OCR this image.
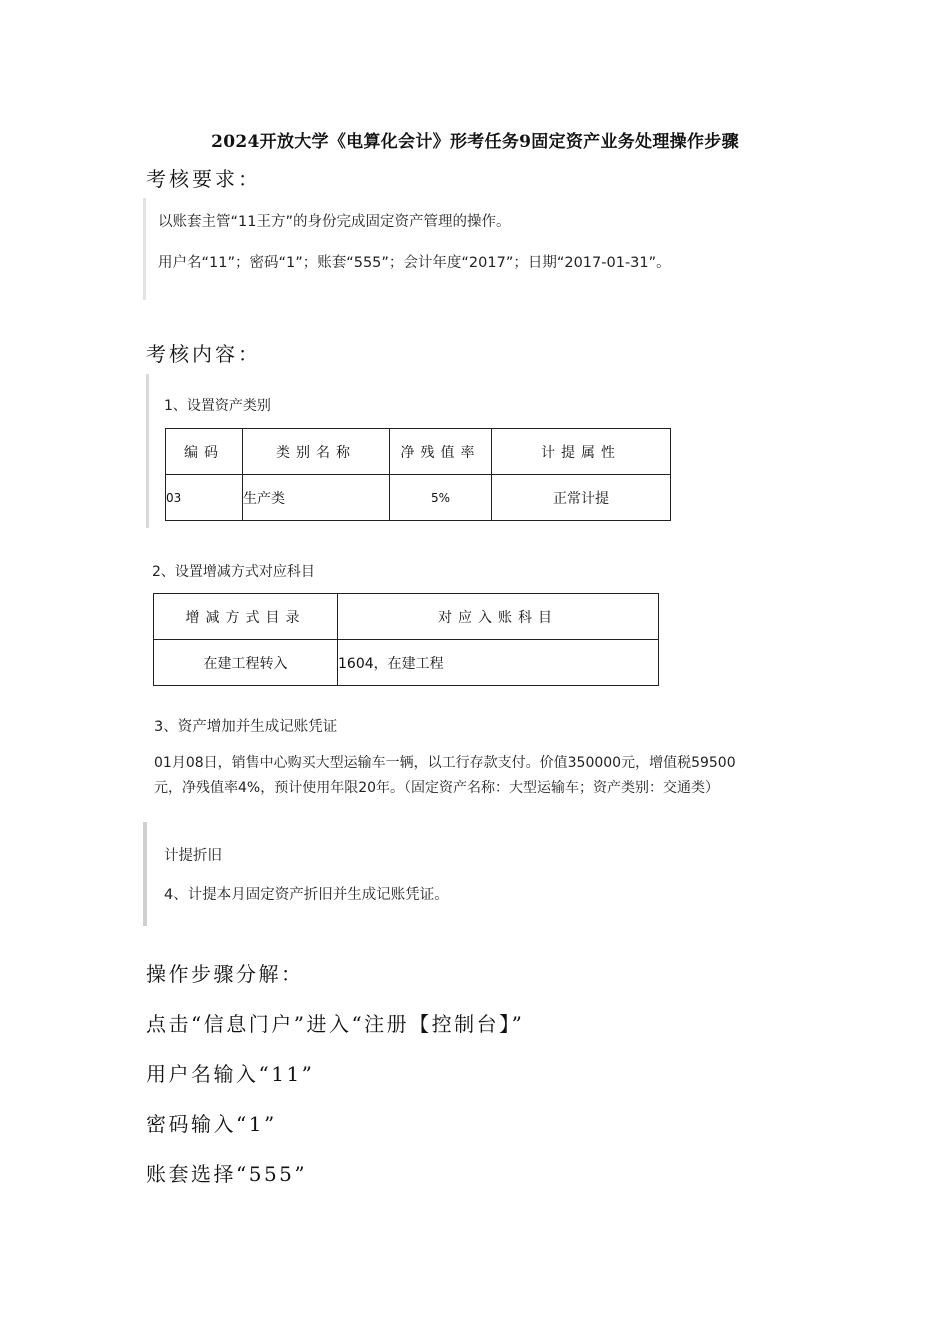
2024开放大学《电算化会计》形考任务9固定资产业务处理操作步骤
考核要求：
以账套主管“11王方”的身份完成固定资产管理的操作。
用户名“11”；密码“1”；账套“555”；会计年度“2017”；日期“2017-01-31”。
考核内容：
1、设置资产类别
编码	类别名称	净残值率	计提属性
03	生产类	5%	正常计提
2、设置增减方式对应科目
增减方式目录	对应入账科目
在建工程转入	1604，在建工程
3、资产增加并生成记账凭证
01月08日，销售中心购买大型运输车一辆，以工行存款支付。价值350000元，增值税59500
元，净残值率4%，预计使用年限20年。（固定资产名称：大型运输车；资产类别：交通类）
计提折旧
4、计提本月固定资产折旧并生成记账凭证。
操作步骤分解：
点击“信息门户”进入“注册【控制台】”
用户名输入“11”
密码输入“1”
账套选择“555”
